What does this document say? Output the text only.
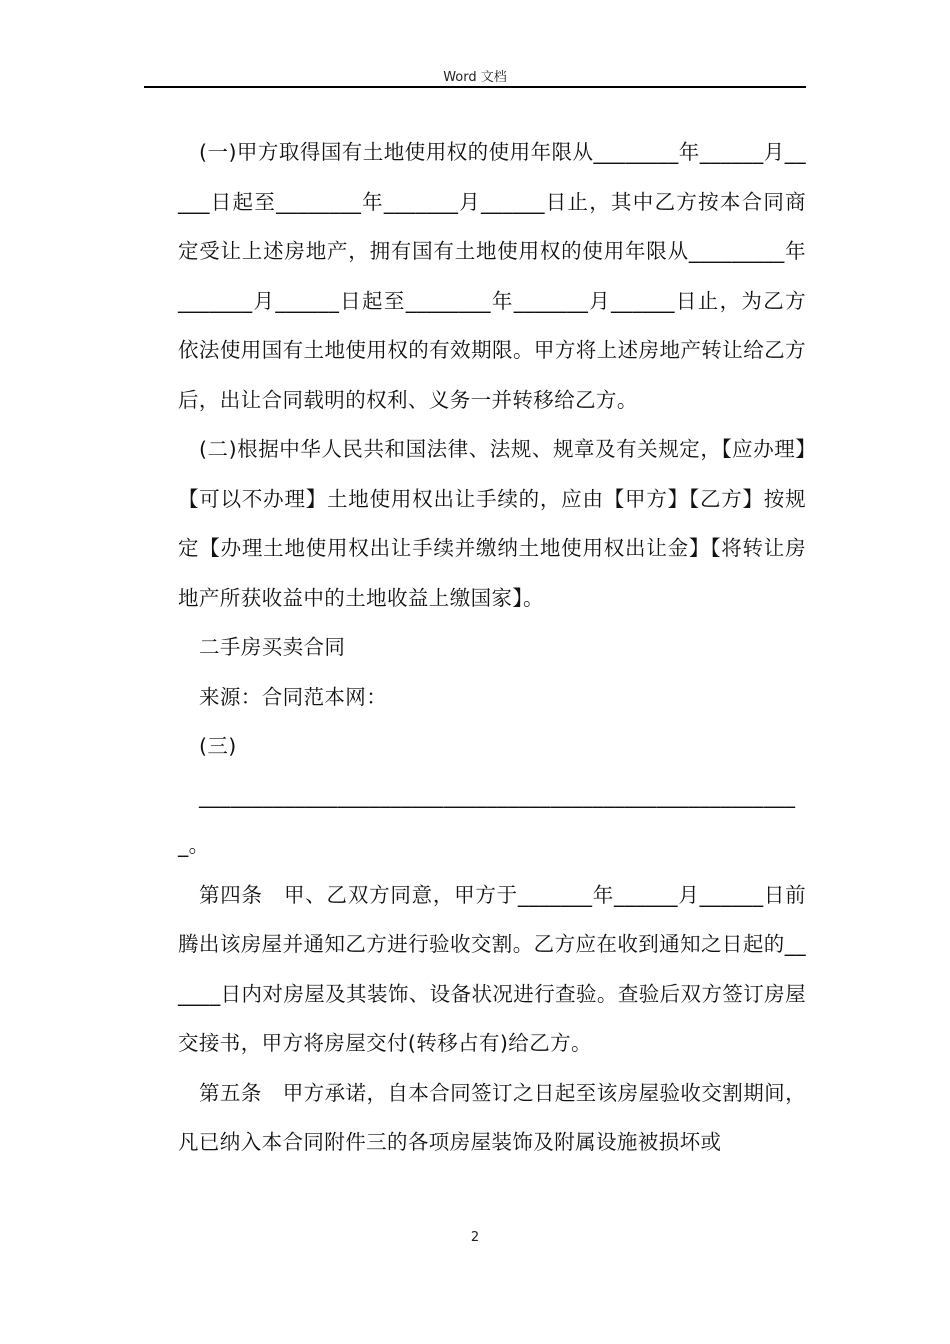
Word 文档

(一)甲方取得国有土地使用权的使用年限从________年______月_____日起至________年_______月______日止，其中乙方按本合同商定受让上述房地产，拥有国有土地使用权的使用年限从_________年_______月______日起至________年_______月______日止，为乙方依法使用国有土地使用权的有效期限。甲方将上述房地产转让给乙方后，出让合同载明的权利、义务一并转移给乙方。

(二)根据中华人民共和国法律、法规、规章及有关规定，【应办理】【可以不办理】土地使用权出让手续的，应由【甲方】【乙方】按规定【办理土地使用权出让手续并缴纳土地使用权出让金】【将转让房地产所获收益中的土地收益上缴国家】。

二手房买卖合同

来源：合同范本网：

(三)

_________________________________________________________。

第四条　甲、乙双方同意，甲方于_______年______月______日前腾出该房屋并通知乙方进行验收交割。乙方应在收到通知之日起的______日内对房屋及其装饰、设备状况进行查验。查验后双方签订房屋交接书，甲方将房屋交付(转移占有)给乙方。

第五条　甲方承诺，自本合同签订之日起至该房屋验收交割期间，凡已纳入本合同附件三的各项房屋装饰及附属设施被损坏或

2
